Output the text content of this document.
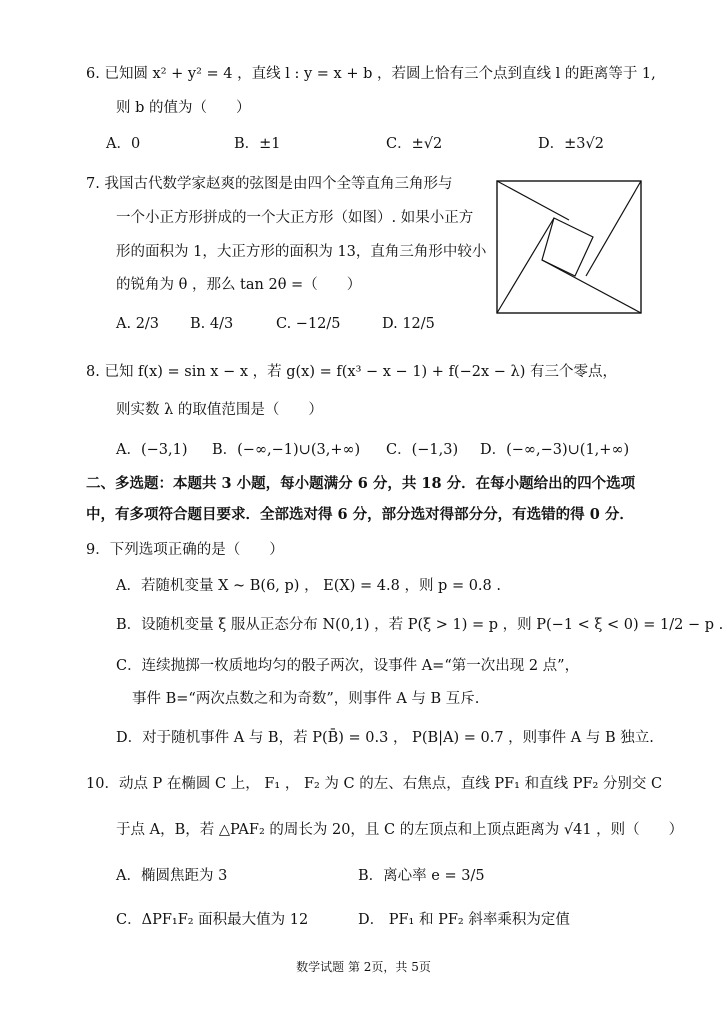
6. 已知圆 x² + y² = 4 ，直线 l : y = x + b ，若圆上恰有三个点到直线 l 的距离等于 1,
则 b 的值为（　　）
A．0	B．±1	C．±√2	D．±3√2
7. 我国古代数学家赵爽的弦图是由四个全等直角三角形与
一个小正方形拼成的一个大正方形（如图）. 如果小正方
形的面积为 1，大正方形的面积为 13，直角三角形中较小
的锐角为 θ ，那么 tan 2θ =（　　）
A. 2/3 B. 4/3	C. −12/5	D. 12/5
8. 已知 f(x) = sin x − x ，若 g(x) = f(x³ − x − 1) + f(−2x − λ) 有三个零点，
则实数 λ 的取值范围是（　　）
A．(−3,1) B．(−∞,−1)∪(3,+∞) C．(−1,3) D．(−∞,−3)∪(1,+∞)
二、多选题：本题共 3 小题，每小题满分 6 分，共 18 分．在每小题给出的四个选项
中，有多项符合题目要求．全部选对得 6 分，部分选对得部分分，有选错的得 0 分．
9．下列选项正确的是（　　）
A．若随机变量 X ~ B(6, p) ， E(X) = 4.8 ，则 p = 0.8 .
B．设随机变量 ξ 服从正态分布 N(0,1) ，若 P(ξ > 1) = p ，则 P(−1 < ξ < 0) = 1/2 − p .
C．连续抛掷一枚质地均匀的骰子两次，设事件 A=“第一次出现 2 点”，
事件 B=“两次点数之和为奇数”，则事件 A 与 B 互斥.
D．对于随机事件 A 与 B，若 P(B̄) = 0.3 ， P(B|A) = 0.7 ，则事件 A 与 B 独立.
10．动点 P 在椭圆 C 上， F₁ ， F₂ 为 C 的左、右焦点，直线 PF₁ 和直线 PF₂ 分别交 C
于点 A，B，若 △PAF₂ 的周长为 20，且 C 的左顶点和上顶点距离为 √41 ，则（　　）
A．椭圆焦距为 3	B．离心率 e = 3/5
C．ΔPF₁F₂ 面积最大值为 12	D． PF₁ 和 PF₂ 斜率乘积为定值
数学试题 第 2页，共 5页
